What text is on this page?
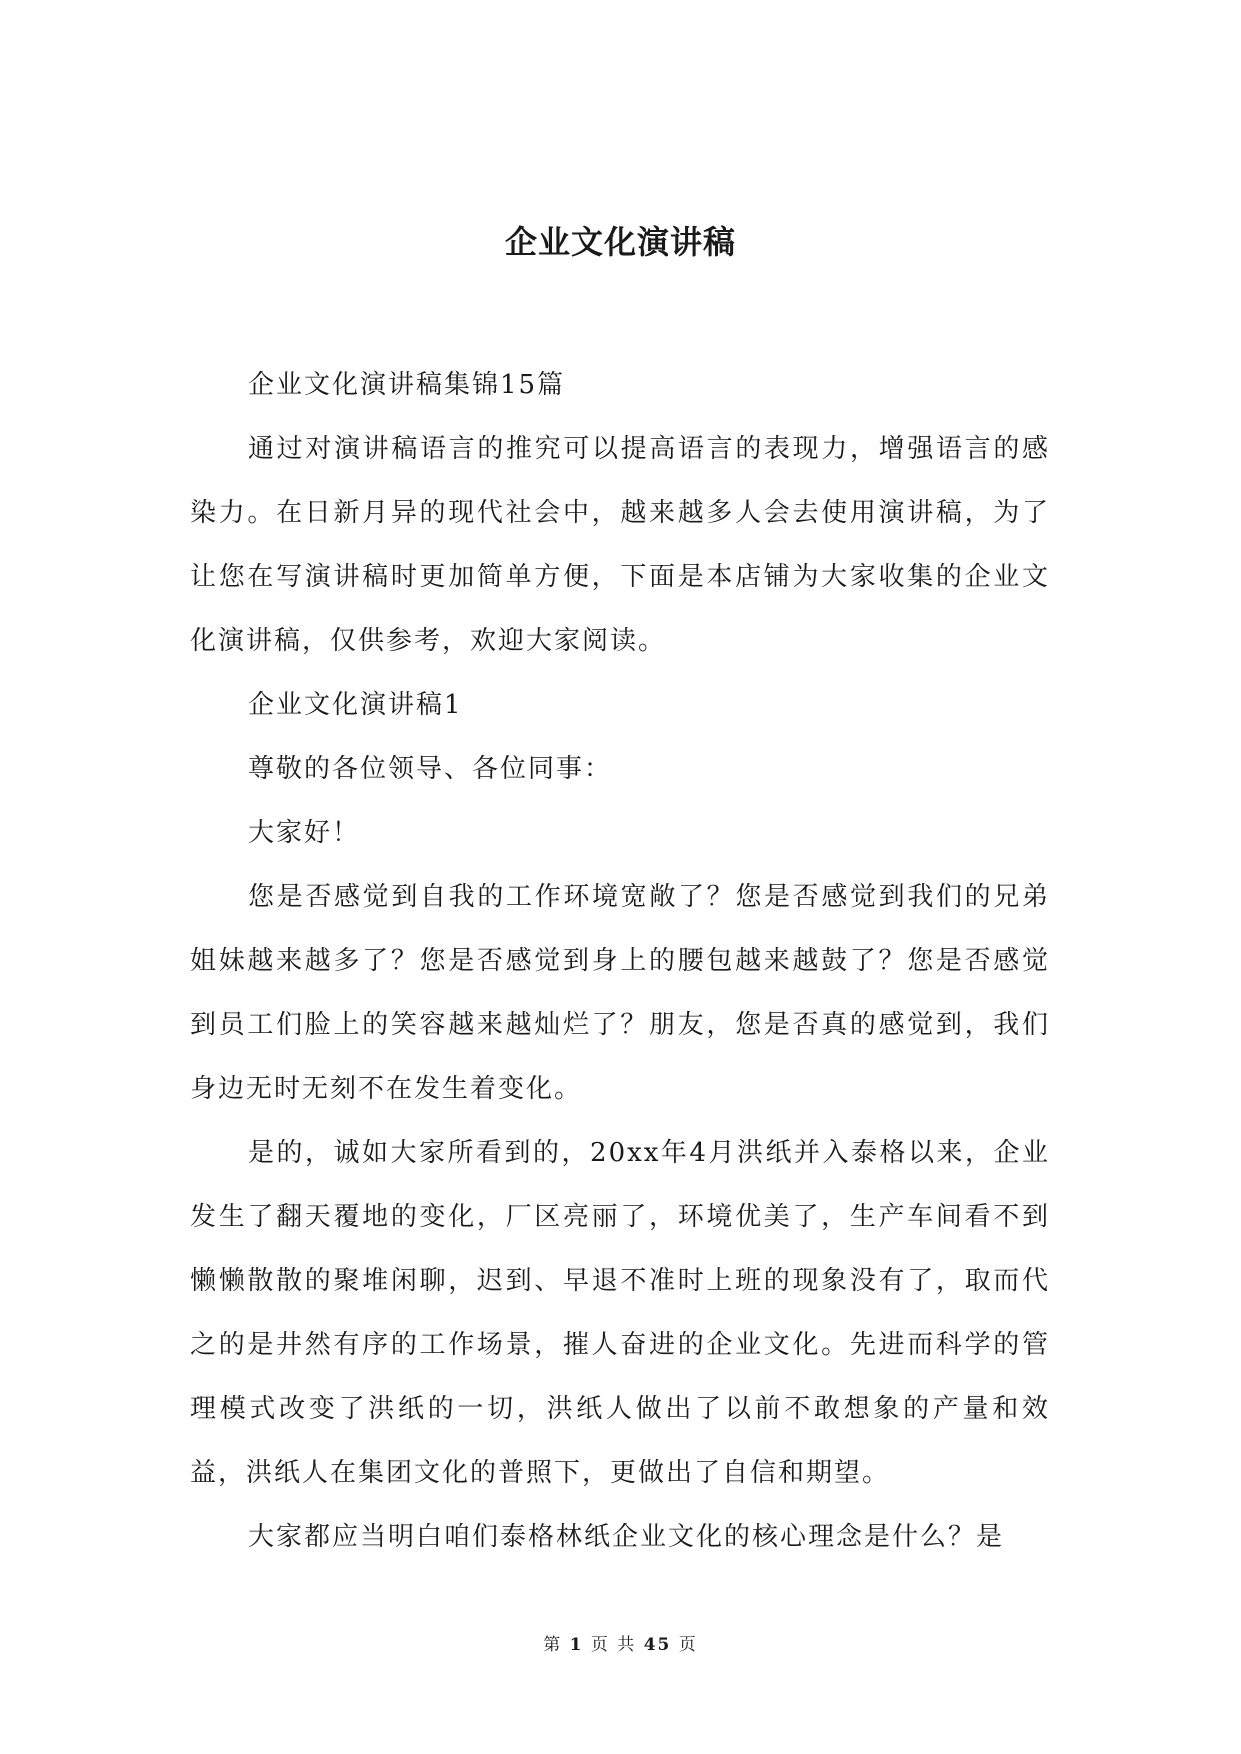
企业文化演讲稿

企业文化演讲稿集锦15篇

通过对演讲稿语言的推究可以提高语言的表现力，增强语言的感染力。在日新月异的现代社会中，越来越多人会去使用演讲稿，为了让您在写演讲稿时更加简单方便，下面是本店铺为大家收集的企业文化演讲稿，仅供参考，欢迎大家阅读。

企业文化演讲稿1

尊敬的各位领导、各位同事：

大家好！

您是否感觉到自我的工作环境宽敞了？您是否感觉到我们的兄弟姐妹越来越多了？您是否感觉到身上的腰包越来越鼓了？您是否感觉到员工们脸上的笑容越来越灿烂了？朋友，您是否真的感觉到，我们身边无时无刻不在发生着变化。

是的，诚如大家所看到的，20xx年4月洪纸并入泰格以来，企业发生了翻天覆地的变化，厂区亮丽了，环境优美了，生产车间看不到懒懒散散的聚堆闲聊，迟到、早退不准时上班的现象没有了，取而代之的是井然有序的工作场景，摧人奋进的企业文化。先进而科学的管理模式改变了洪纸的一切，洪纸人做出了以前不敢想象的产量和效益，洪纸人在集团文化的普照下，更做出了自信和期望。

大家都应当明白咱们泰格林纸企业文化的核心理念是什么？是

第 1 页 共 45 页
